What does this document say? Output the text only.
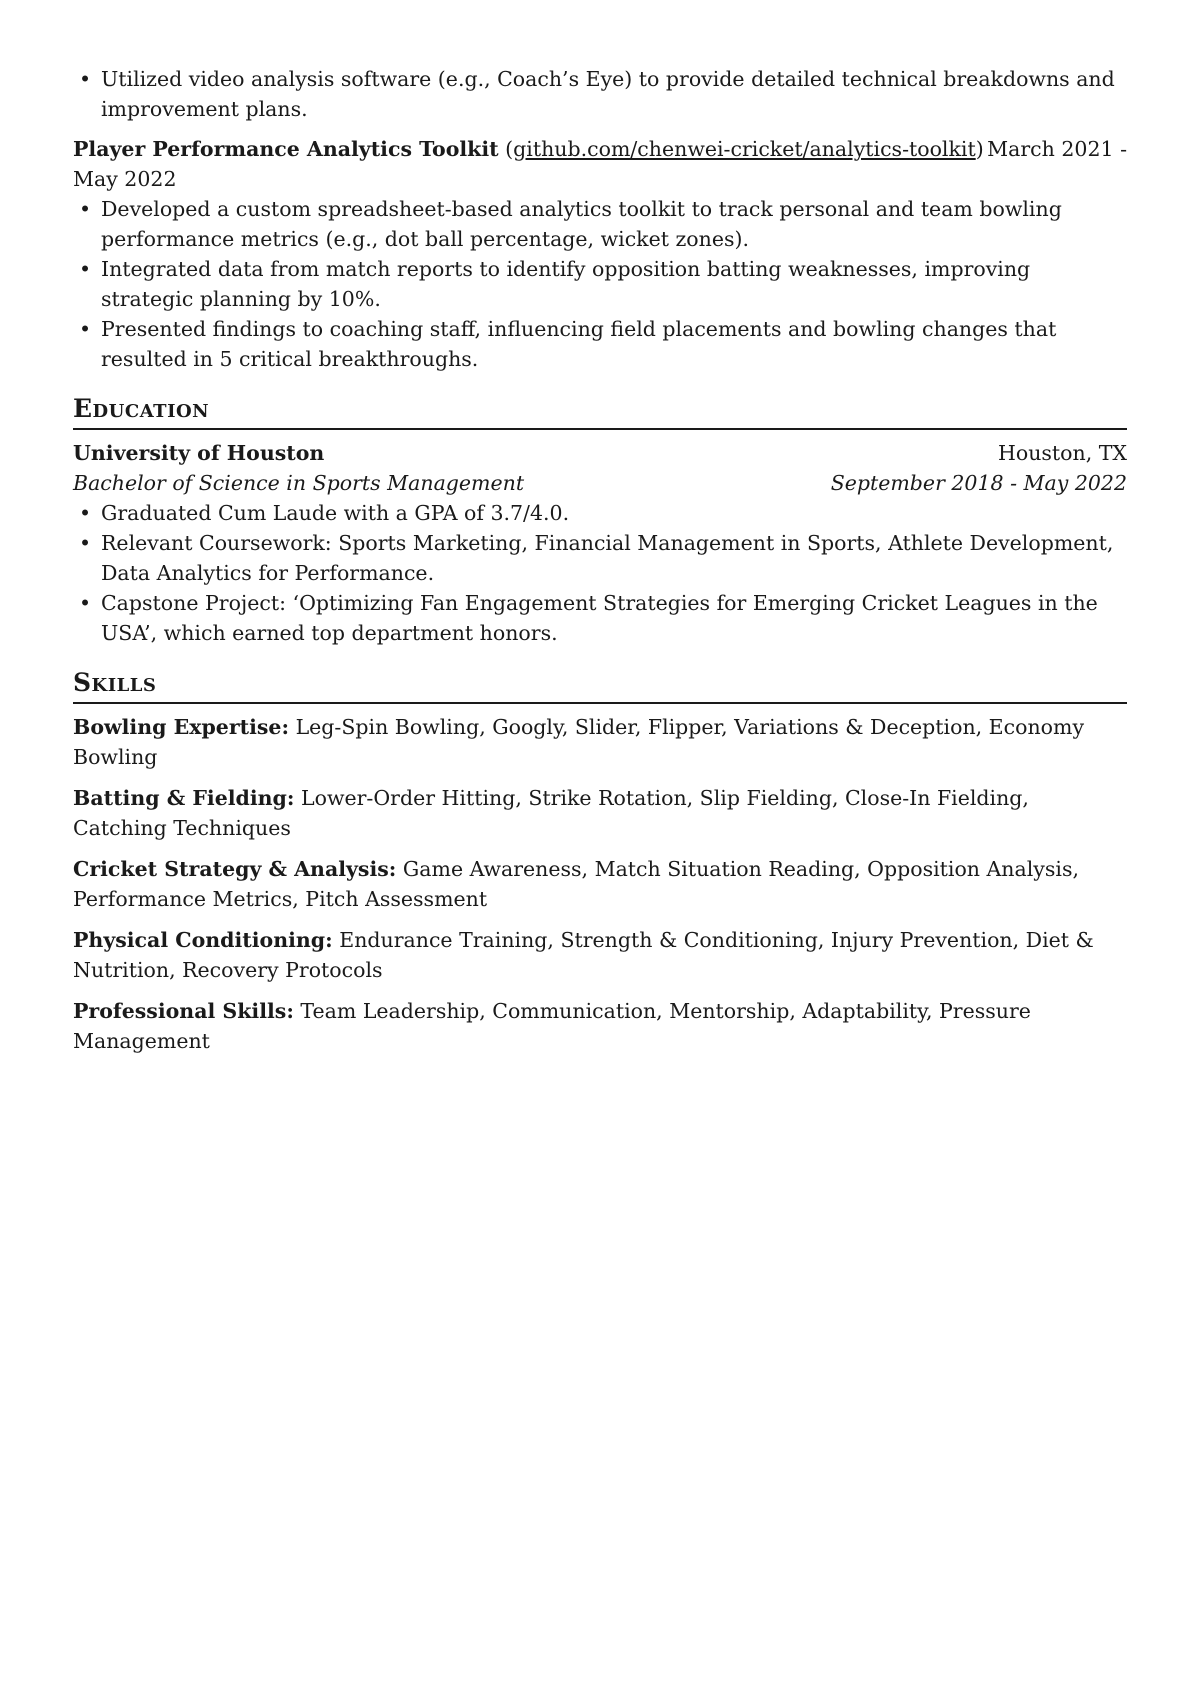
• Utilized video analysis software (e.g., Coach’s Eye) to provide detailed technical breakdowns and improvement plans.
Player Performance Analytics Toolkit (github.com/chenwei-cricket/analytics-toolkit) March 2021 -
May 2022
• Developed a custom spreadsheet-based analytics toolkit to track personal and team bowling performance metrics (e.g., dot ball percentage, wicket zones).
• Integrated data from match reports to identify opposition batting weaknesses, improving strategic planning by 10%.
• Presented findings to coaching staff, influencing field placements and bowling changes that resulted in 5 critical breakthroughs.
Education
University of Houston	Houston, TX
Bachelor of Science in Sports Management	September 2018 - May 2022
• Graduated Cum Laude with a GPA of 3.7/4.0.
• Relevant Coursework: Sports Marketing, Financial Management in Sports, Athlete Development, Data Analytics for Performance.
• Capstone Project: ‘Optimizing Fan Engagement Strategies for Emerging Cricket Leagues in the USA’, which earned top department honors.
Skills
Bowling Expertise: Leg-Spin Bowling, Googly, Slider, Flipper, Variations & Deception, Economy Bowling
Batting & Fielding: Lower-Order Hitting, Strike Rotation, Slip Fielding, Close-In Fielding, Catching Techniques
Cricket Strategy & Analysis: Game Awareness, Match Situation Reading, Opposition Analysis, Performance Metrics, Pitch Assessment
Physical Conditioning: Endurance Training, Strength & Conditioning, Injury Prevention, Diet & Nutrition, Recovery Protocols
Professional Skills: Team Leadership, Communication, Mentorship, Adaptability, Pressure Management
